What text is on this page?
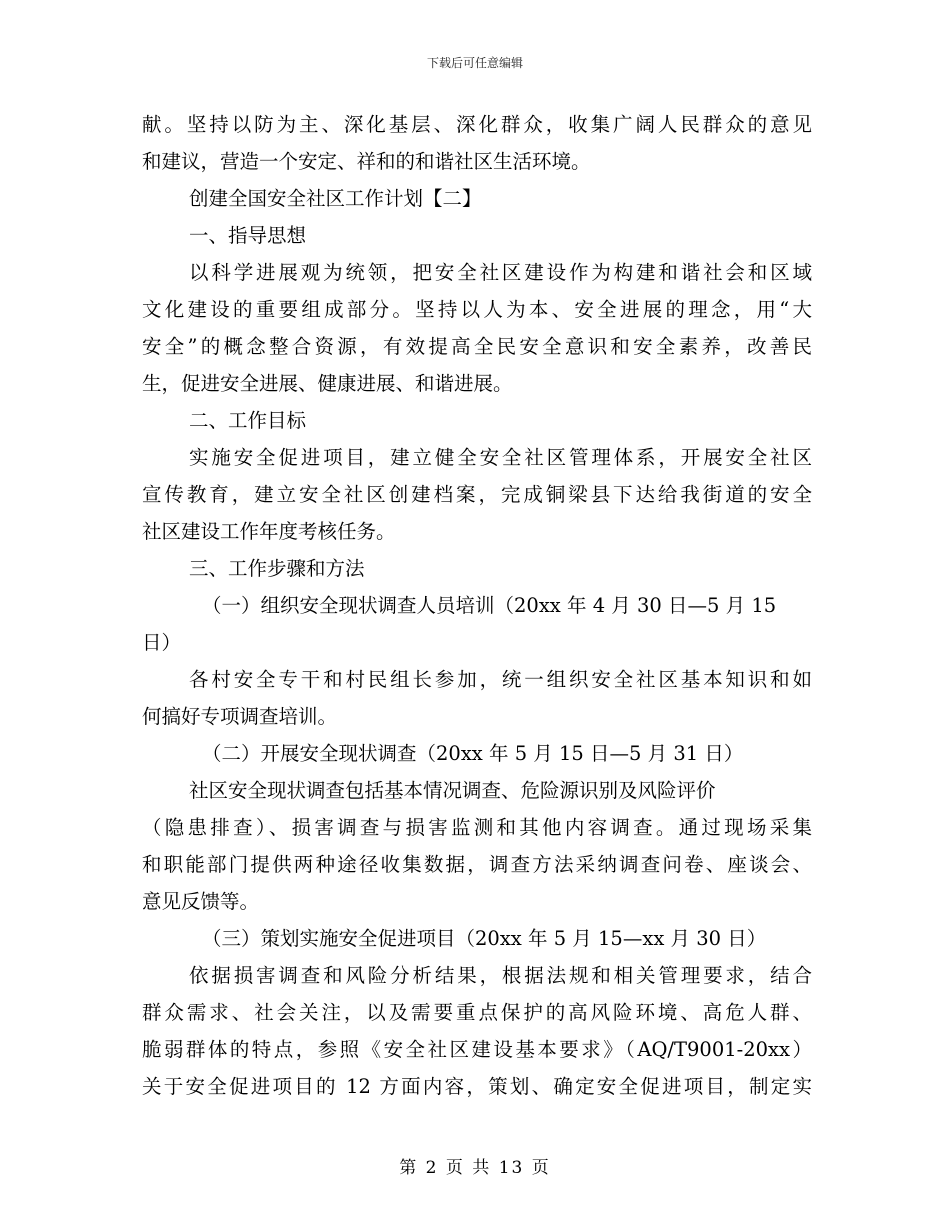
下载后可任意编辑
献。坚持以防为主、深化基层、深化群众，收集广阔人民群众的意见
和建议，营造一个安定、祥和的和谐社区生活环境。
创建全国安全社区工作计划【二】
一、指导思想
以科学进展观为统领，把安全社区建设作为构建和谐社会和区域
文化建设的重要组成部分。坚持以人为本、安全进展的理念，用“大
安全”的概念整合资源，有效提高全民安全意识和安全素养，改善民
生，促进安全进展、健康进展、和谐进展。
二、工作目标
实施安全促进项目，建立健全安全社区管理体系，开展安全社区
宣传教育，建立安全社区创建档案，完成铜梁县下达给我街道的安全
社区建设工作年度考核任务。
三、工作步骤和方法
（一）组织安全现状调查人员培训（20xx 年 4 月 30 日—5 月 15
日）
各村安全专干和村民组长参加，统一组织安全社区基本知识和如
何搞好专项调查培训。
（二）开展安全现状调查（20xx 年 5 月 15 日—5 月 31 日）
社区安全现状调查包括基本情况调查、危险源识别及风险评价
（隐患排查）、损害调查与损害监测和其他内容调查。通过现场采集
和职能部门提供两种途径收集数据，调查方法采纳调查问卷、座谈会、
意见反馈等。
（三）策划实施安全促进项目（20xx 年 5 月 15—xx 月 30 日）
依据损害调查和风险分析结果，根据法规和相关管理要求，结合
群众需求、社会关注，以及需要重点保护的高风险环境、高危人群、
脆弱群体的特点，参照《安全社区建设基本要求》（AQ/T9001-20xx）
关于安全促进项目的 12 方面内容，策划、确定安全促进项目，制定实
第 2 页 共 13 页
